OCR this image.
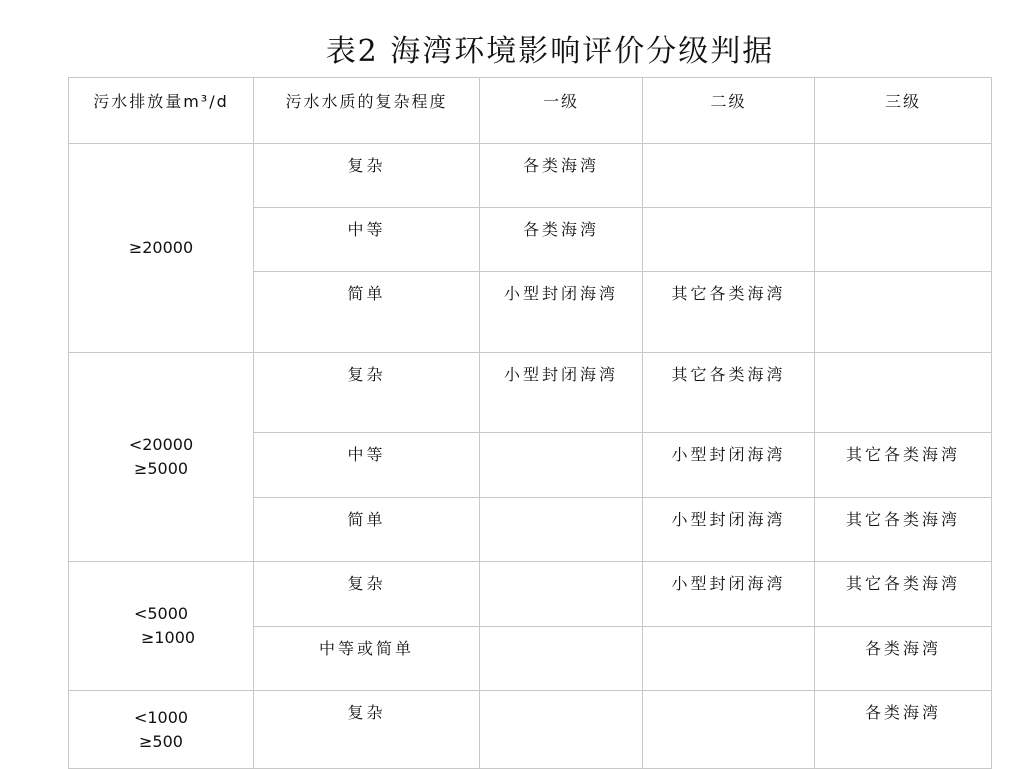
表2 海湾环境影响评价分级判据
污水排放量m³/d	污水水质的复杂程度	一级	二级	三级

≥20000	复杂	各类海湾		
	中等	各类海湾		
	简单	小型封闭海湾	其它各类海湾	

<20000
≥5000	复杂	小型封闭海湾	其它各类海湾	
	中等		小型封闭海湾	其它各类海湾
	简单		小型封闭海湾	其它各类海湾

<5000
≥1000	复杂		小型封闭海湾	其它各类海湾
	中等或简单			各类海湾

<1000
≥500	复杂			各类海湾
